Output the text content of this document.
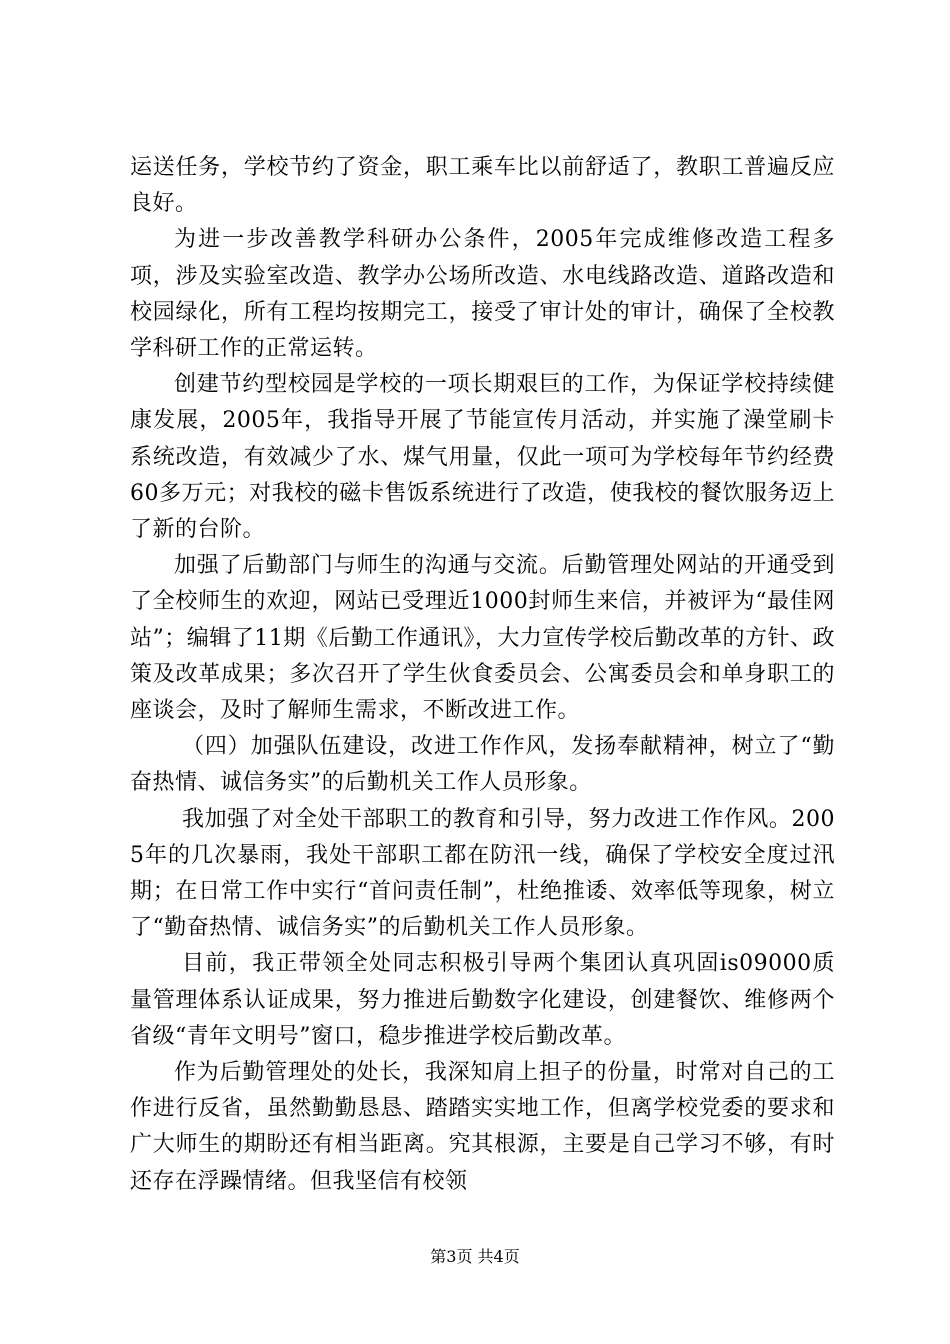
运送任务，学校节约了资金，职工乘车比以前舒适了，教职工普遍反应良好。

为进一步改善教学科研办公条件，2005年完成维修改造工程多项，涉及实验室改造、教学办公场所改造、水电线路改造、道路改造和校园绿化，所有工程均按期完工，接受了审计处的审计，确保了全校教学科研工作的正常运转。

创建节约型校园是学校的一项长期艰巨的工作，为保证学校持续健康发展，2005年，我指导开展了节能宣传月活动，并实施了澡堂刷卡系统改造，有效减少了水、煤气用量，仅此一项可为学校每年节约经费60多万元；对我校的磁卡售饭系统进行了改造，使我校的餐饮服务迈上了新的台阶。

加强了后勤部门与师生的沟通与交流。后勤管理处网站的开通受到了全校师生的欢迎，网站已受理近1000封师生来信，并被评为“最佳网站”；编辑了11期《后勤工作通讯》，大力宣传学校后勤改革的方针、政策及改革成果；多次召开了学生伙食委员会、公寓委员会和单身职工的座谈会，及时了解师生需求，不断改进工作。

（四）加强队伍建设，改进工作作风，发扬奉献精神，树立了“勤奋热情、诚信务实”的后勤机关工作人员形象。

我加强了对全处干部职工的教育和引导，努力改进工作作风。2005年的几次暴雨，我处干部职工都在防汛一线，确保了学校安全度过汛期；在日常工作中实行“首问责任制”，杜绝推诿、效率低等现象，树立了“勤奋热情、诚信务实”的后勤机关工作人员形象。

目前，我正带领全处同志积极引导两个集团认真巩固is09000质量管理体系认证成果，努力推进后勤数字化建设，创建餐饮、维修两个省级“青年文明号”窗口，稳步推进学校后勤改革。

作为后勤管理处的处长，我深知肩上担子的份量，时常对自己的工作进行反省，虽然勤勤恳恳、踏踏实实地工作，但离学校党委的要求和广大师生的期盼还有相当距离。究其根源，主要是自己学习不够，有时还存在浮躁情绪。但我坚信有校领

第3页 共4页
